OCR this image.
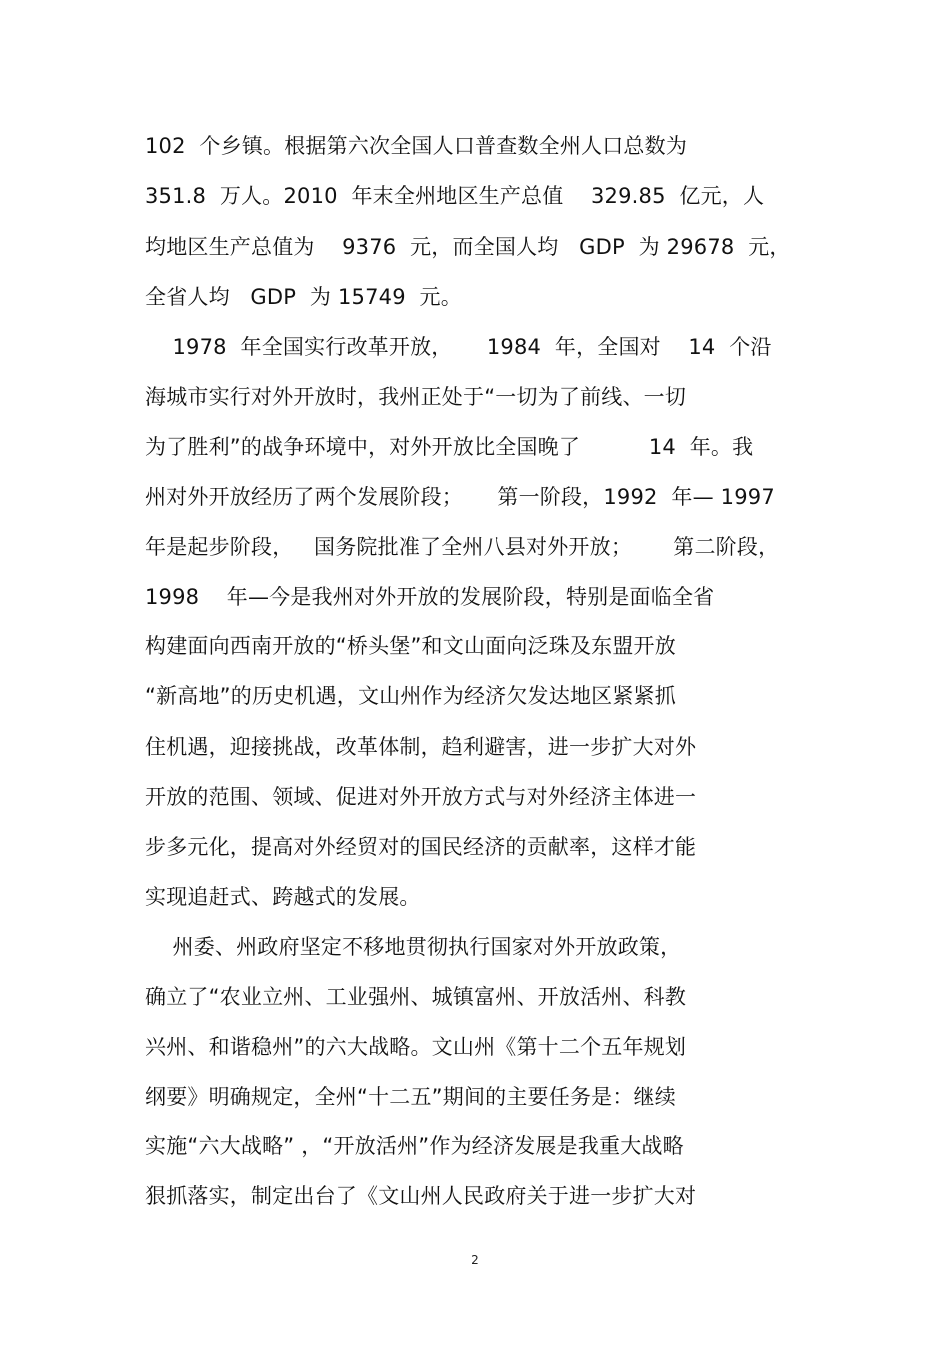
102  个乡镇。根据第六次全国人口普查数全州人口总数为
351.8  万人。2010  年末全州地区生产总值    329.85  亿元，人
均地区生产总值为    9376  元，而全国人均   GDP  为 29678  元，
全省人均   GDP  为 15749  元。
1978  年全国实行改革开放，     1984  年，全国对    14  个沿
海城市实行对外开放时，我州正处于“一切为了前线、一切
为了胜利”的战争环境中，对外开放比全国晚了          14  年。我
州对外开放经历了两个发展阶段；     第一阶段，1992  年— 1997
年是起步阶段，   国务院批准了全州八县对外开放；      第二阶段，
1998    年—今是我州对外开放的发展阶段，特别是面临全省
构建面向西南开放的“桥头堡”和文山面向泛珠及东盟开放
“新高地”的历史机遇，文山州作为经济欠发达地区紧紧抓
住机遇，迎接挑战，改革体制，趋利避害，进一步扩大对外
开放的范围、领域、促进对外开放方式与对外经济主体进一
步多元化，提高对外经贸对的国民经济的贡献率，这样才能
实现追赶式、跨越式的发展。
州委、州政府坚定不移地贯彻执行国家对外开放政策，
确立了“农业立州、工业强州、城镇富州、开放活州、科教
兴州、和谐稳州”的六大战略。文山州《第十二个五年规划
纲要》明确规定，全州“十二五”期间的主要任务是：继续
实施“六大战略” ，“开放活州”作为经济发展是我重大战略
狠抓落实，制定出台了《文山州人民政府关于进一步扩大对
2
